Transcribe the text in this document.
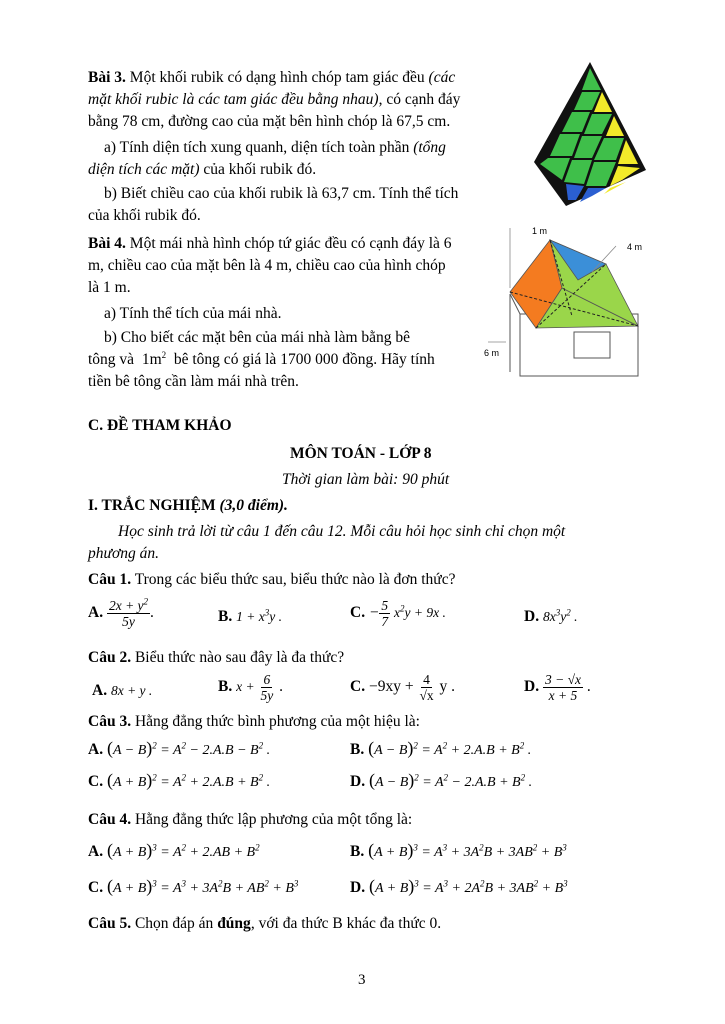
Bài 3. Một khối rubik có dạng hình chóp tam giác đều (các
mặt khối rubic là các tam giác đều bằng nhau), có cạnh đáy
bằng 78 cm, đường cao của mặt bên hình chóp là 67,5 cm.
a) Tính diện tích xung quanh, diện tích toàn phần (tổng
diện tích các mặt) của khối rubik đó.
b) Biết chiều cao của khối rubik là 63,7 cm. Tính thể tích
của khối rubik đó.
Bài 4. Một mái nhà hình chóp tứ giác đều có cạnh đáy là 6
m, chiều cao của mặt bên là 4 m, chiều cao của hình chóp
là 1 m.
a) Tính thể tích của mái nhà.
b) Cho biết các mặt bên của mái nhà làm bằng bê
tông và $1m^2$ bê tông có giá là 1700 000 đồng. Hãy tính
tiền bê tông cần làm mái nhà trên.
1 m
4 m
6 m
C. ĐỀ THAM KHẢO
MÔN TOÁN - LỚP 8
Thời gian làm bài: 90 phút
I. TRẮC NGHIỆM (3,0 điểm).
Học sinh trả lời từ câu 1 đến câu 12. Mỗi câu hỏi học sinh chỉ chọn một
phương án.
Câu 1. Trong các biểu thức sau, biểu thức nào là đơn thức?
A. $\frac{2x + y^2}{5y}$ .	B. $1 + x^3y$ .	C. − $\frac{5}{7} x^2y + 9x$ .	D. $8x^3y^2$ .
Câu 2. Biểu thức nào sau đây là đa thức?
A. 8x + y .	B. $x + \frac{6}{5y}$ .	C. $-9xy + \frac{4}{√x}$ y .	D. $\frac{3 - √x}{x + 5}$ .
Câu 3. Hằng đẳng thức bình phương của một hiệu là:
A. $(A - B)^2 = A^2 - 2.A.B - B^2$ .	B. $(A - B)^2 = A^2 + 2.A.B + B^2$ .
C. $(A + B)^2 = A^2 + 2.A.B + B^2$ .	D. $(A - B)^2 = A^2 - 2.A.B + B^2$ .
Câu 4. Hằng đẳng thức lập phương của một tổng là:
A. $(A + B)^3 = A^2 + 2.AB + B^2$	B. $(A + B)^3 = A^3 + 3A^2B + 3AB^2 + B^3$
C. $(A + B)^3 = A^3 + 3A^2B + AB^2 + B^3$	D. $(A + B)^3 = A^3 + 2A^2B + 3AB^2 + B^3$
Câu 5. Chọn đáp án đúng, với đa thức B khác đa thức 0.
3
